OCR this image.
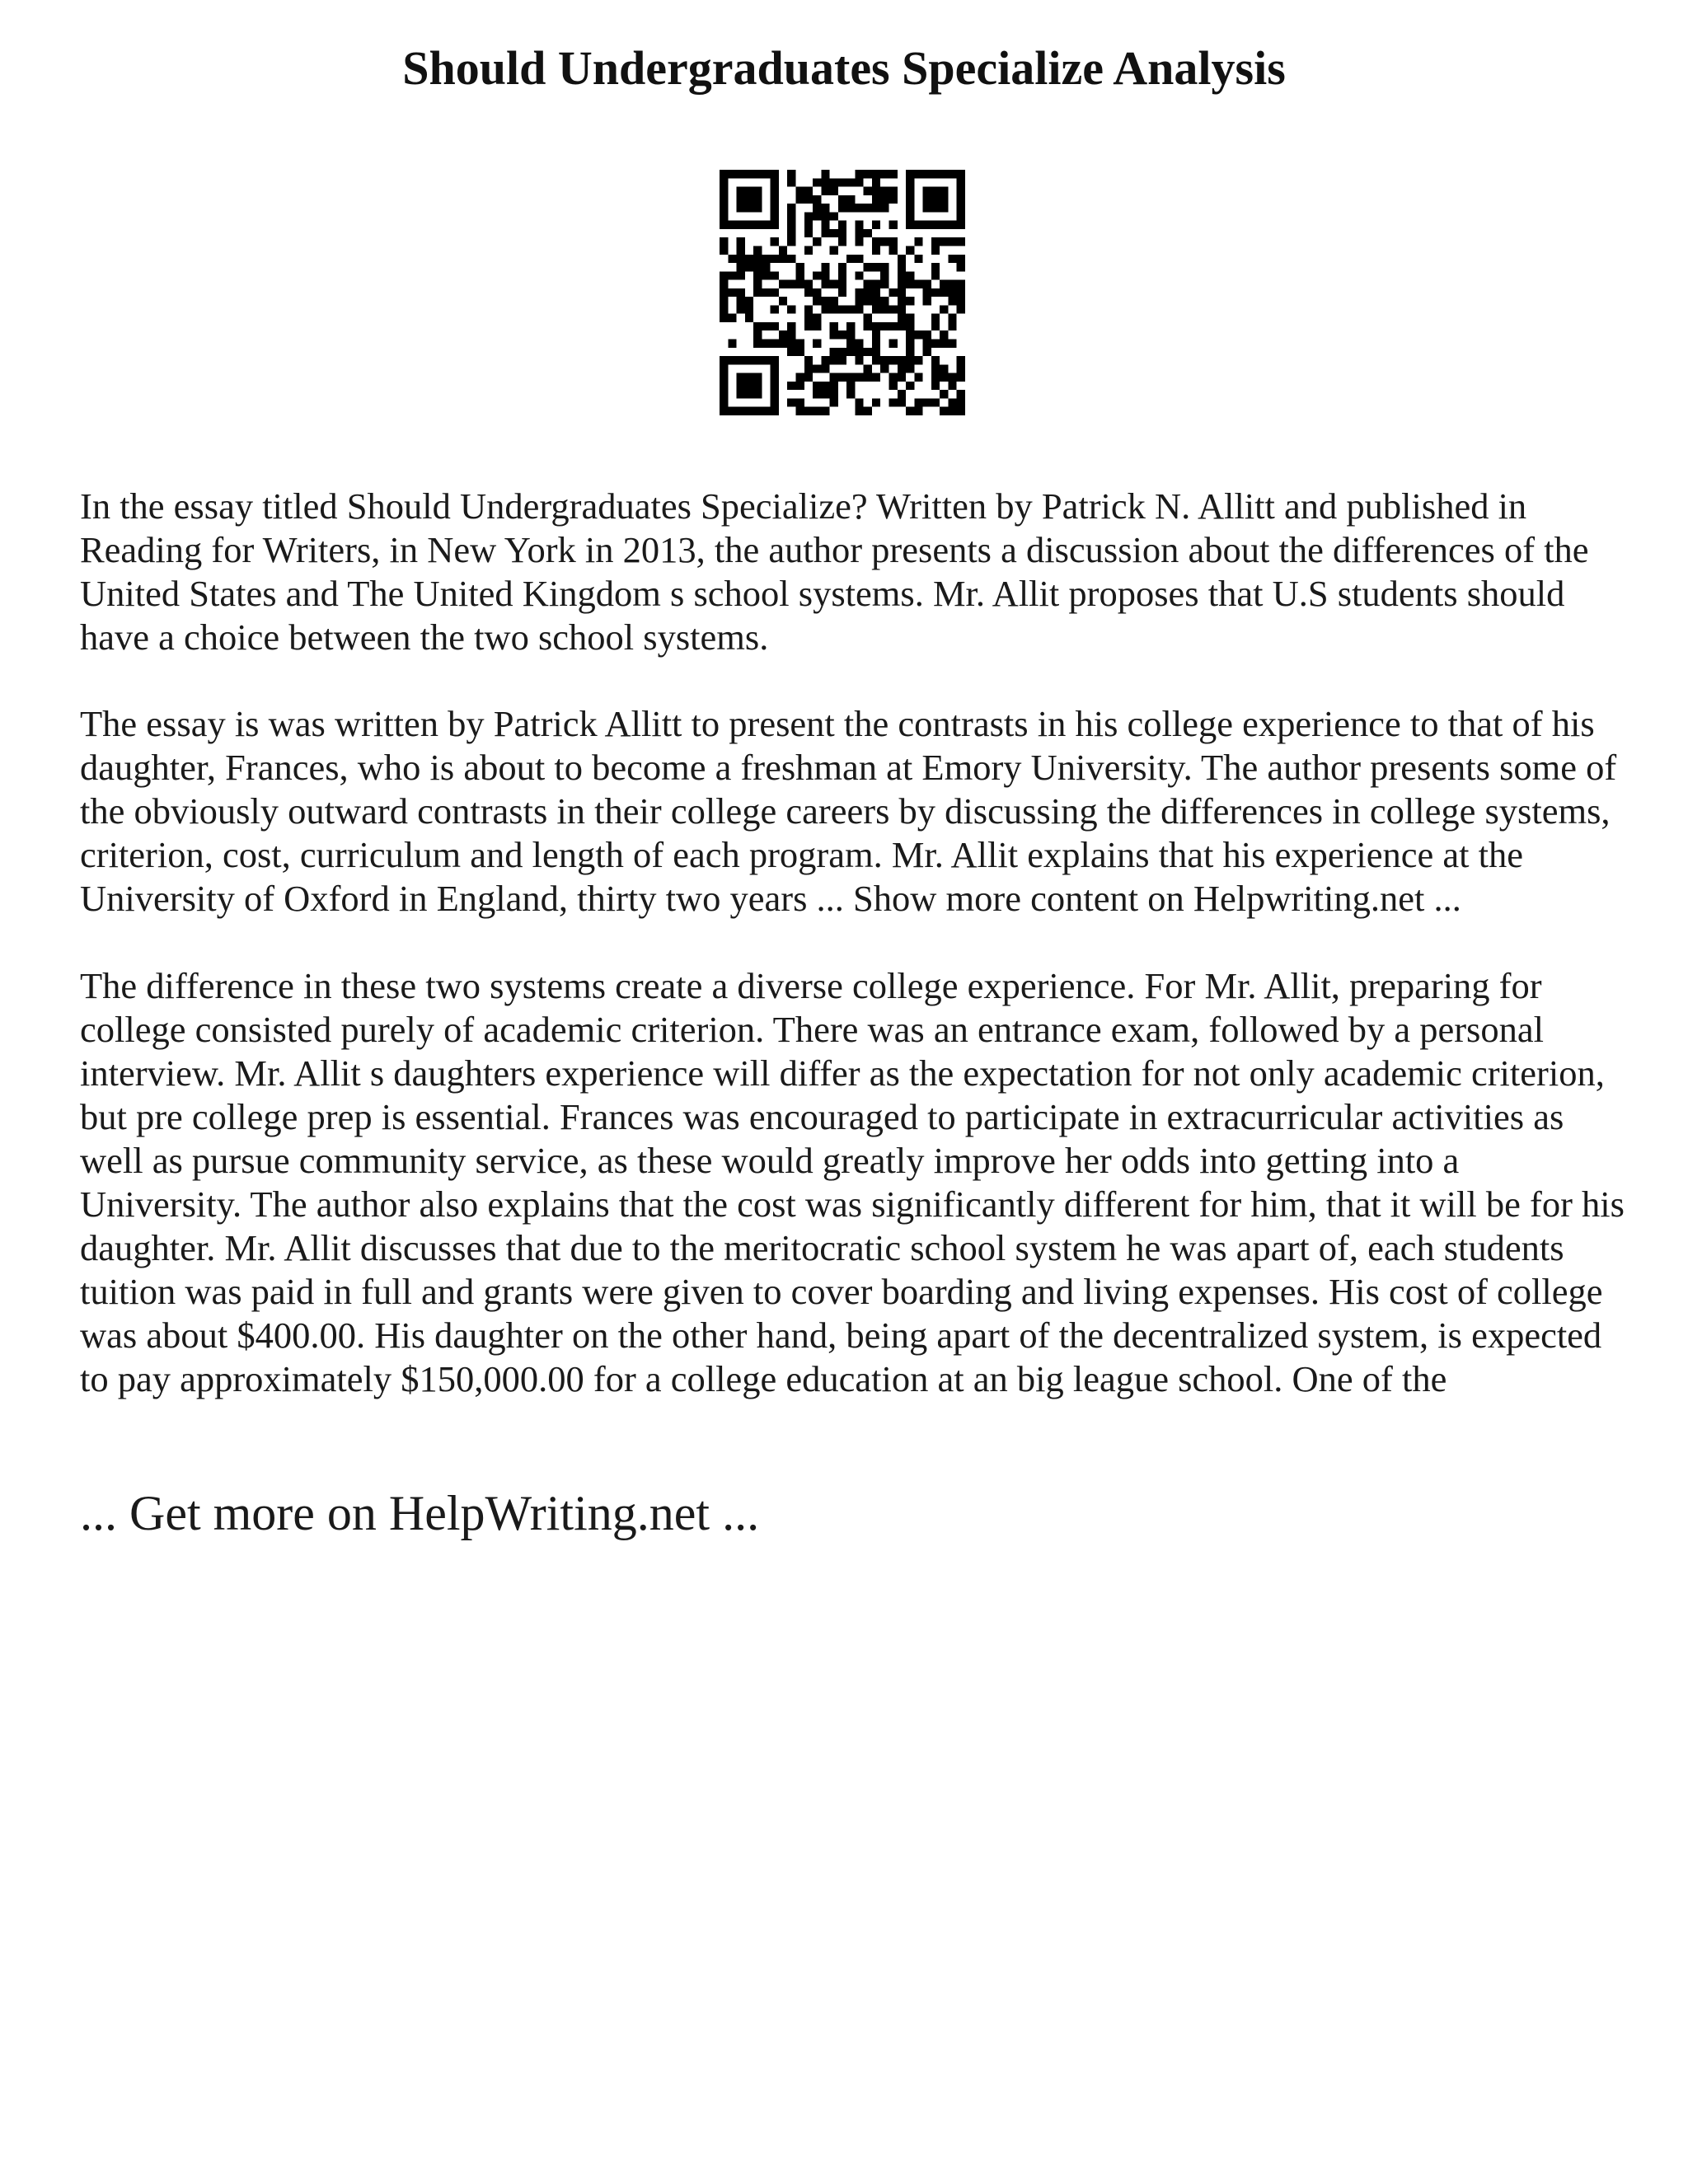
Should Undergraduates Specialize Analysis

In the essay titled Should Undergraduates Specialize? Written by Patrick N. Allitt and published in Reading for Writers, in New York in 2013, the author presents a discussion about the differences of the United States and The United Kingdom s school systems. Mr. Allit proposes that U.S students should have a choice between the two school systems.

The essay is was written by Patrick Allitt to present the contrasts in his college experience to that of his daughter, Frances, who is about to become a freshman at Emory University. The author presents some of the obviously outward contrasts in their college careers by discussing the differences in college systems, criterion, cost, curriculum and length of each program. Mr. Allit explains that his experience at the University of Oxford in England, thirty two years ... Show more content on Helpwriting.net ...

The difference in these two systems create a diverse college experience. For Mr. Allit, preparing for college consisted purely of academic criterion. There was an entrance exam, followed by a personal interview. Mr. Allit s daughters experience will differ as the expectation for not only academic criterion, but pre college prep is essential. Frances was encouraged to participate in extracurricular activities as well as pursue community service, as these would greatly improve her odds into getting into a University. The author also explains that the cost was significantly different for him, that it will be for his daughter. Mr. Allit discusses that due to the meritocratic school system he was apart of, each students tuition was paid in full and grants were given to cover boarding and living expenses. His cost of college was about $400.00. His daughter on the other hand, being apart of the decentralized system, is expected to pay approximately $150,000.00 for a college education at an big league school. One of the

... Get more on HelpWriting.net ...
